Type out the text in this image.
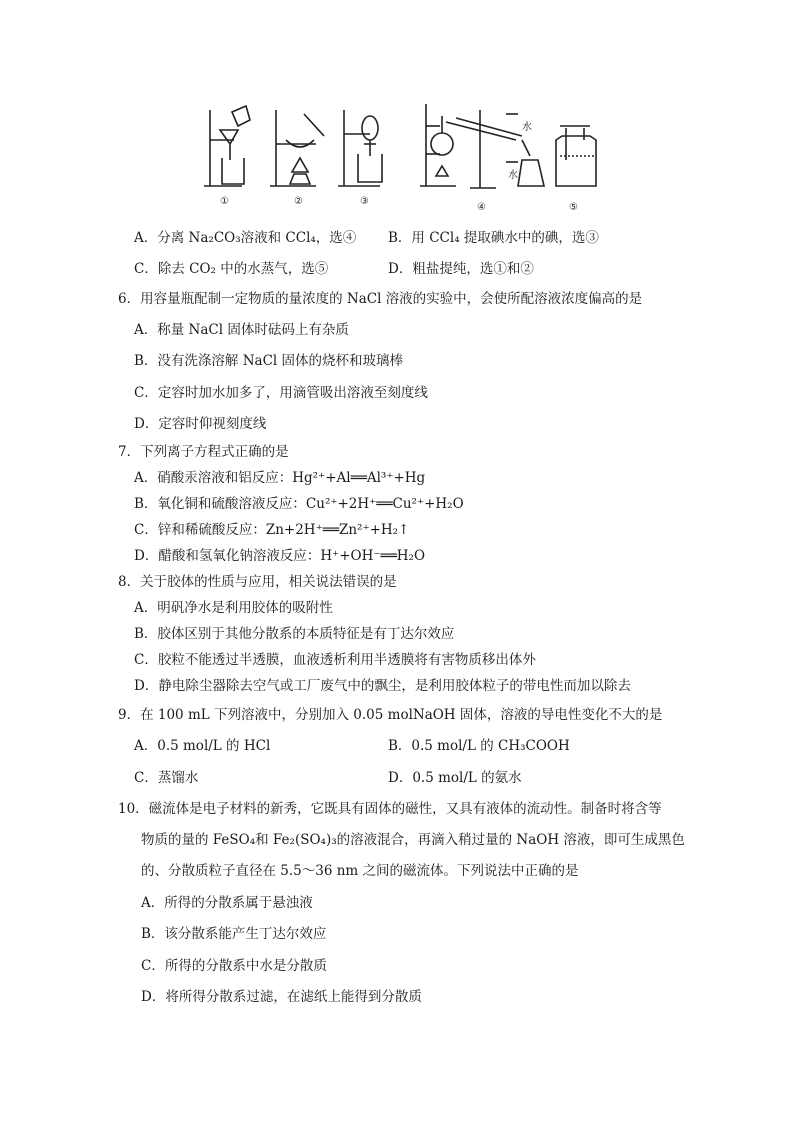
①	②	③
④	⑤
水
水
A．分离 Na₂CO₃溶液和 CCl₄，选④ B．用 CCl₄ 提取碘水中的碘，选③
C．除去 CO₂ 中的水蒸气，选⑤	D．粗盐提纯，选①和②
6．用容量瓶配制一定物质的量浓度的 NaCl 溶液的实验中，会使所配溶液浓度偏高的是
A．称量 NaCl 固体时砝码上有杂质
B．没有洗涤溶解 NaCl 固体的烧杯和玻璃棒
C．定容时加水加多了，用滴管吸出溶液至刻度线
D．定容时仰视刻度线
7．下列离子方程式正确的是
A．硝酸汞溶液和铝反应：Hg²⁺+Al══Al³⁺+Hg
B．氧化铜和硫酸溶液反应：Cu²⁺+2H⁺══Cu²⁺+H₂O
C．锌和稀硫酸反应：Zn+2H⁺══Zn²⁺+H₂↑
D．醋酸和氢氧化钠溶液反应：H⁺+OH⁻══H₂O
8．关于胶体的性质与应用，相关说法错误的是
A．明矾净水是利用胶体的吸附性
B．胶体区别于其他分散系的本质特征是有丁达尔效应
C．胶粒不能透过半透膜，血液透析利用半透膜将有害物质移出体外
D．静电除尘器除去空气或工厂废气中的飘尘，是利用胶体粒子的带电性而加以除去
9．在 100 mL 下列溶液中，分别加入 0.05 molNaOH 固体，溶液的导电性变化不大的是
A．0.5 mol/L 的 HCl	B．0.5 mol/L 的 CH₃COOH
C．蒸馏水	D．0.5 mol/L 的氨水
10．磁流体是电子材料的新秀，它既具有固体的磁性，又具有液体的流动性。制备时将含等
物质的量的 FeSO₄和 Fe₂(SO₄)₃的溶液混合，再滴入稍过量的 NaOH 溶液，即可生成黑色
的、分散质粒子直径在 5.5～36 nm 之间的磁流体。下列说法中正确的是
A．所得的分散系属于悬浊液
B．该分散系能产生丁达尔效应
C．所得的分散系中水是分散质
D．将所得分散系过滤，在滤纸上能得到分散质
